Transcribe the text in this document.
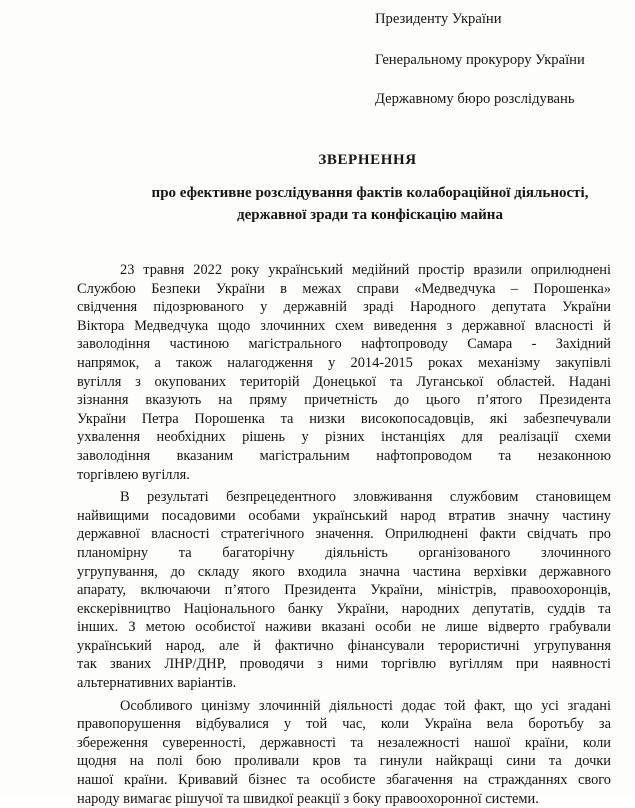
Президенту України
Генеральному прокурору України
Державному бюро розслідувань
ЗВЕРНЕННЯ
про ефективне розслідування фактів колабораційної діяльності,
державної зради та конфіскацію майна
23 травня 2022 року український медійний простір вразили оприлюднені
Службою Безпеки України в межах справи «Медведчука – Порошенка»
свідчення підозрюваного у державній зраді Народного депутата України
Віктора Медведчука щодо злочинних схем виведення з державної власності й
заволодіння частиною магістрального нафтопроводу Самара - Західний
напрямок, а також налагодження у 2014-2015 роках механізму закупівлі
вугілля з окупованих територій Донецької та Луганської областей. Надані
зізнання вказують на пряму причетність до цього п’ятого Президента
України Петра Порошенка та низки високопосадовців, які забезпечували
ухвалення необхідних рішень у різних інстанціях для реалізації схеми
заволодіння вказаним магістральним нафтопроводом та незаконною
торгівлею вугілля.
В результаті безпрецедентного зловживання службовим становищем
найвищими посадовими особами український народ втратив значну частину
державної власності стратегічного значення. Оприлюднені факти свідчать про
планомірну та багаторічну діяльність організованого злочинного
угрупування, до складу якого входила значна частина верхівки державного
апарату, включаючи п’ятого Президента України, міністрів, правоохоронців,
екскерівництво Національного банку України, народних депутатів, суддів та
інших. З метою особистої наживи вказані особи не лише відверто грабували
український народ, але й фактично фінансували терористичні угрупування
так званих ЛНР/ДНР, проводячи з ними торгівлю вугіллям при наявності
альтернативних варіантів.
Особливого цинізму злочинній діяльності додає той факт, що усі згадані
правопорушення відбувалися у той час, коли Україна вела боротьбу за
збереження суверенності, державності та незалежності нашої країни, коли
щодня на полі бою проливали кров та гинули найкращі сини та дочки
нашої країни. Кривавий бізнес та особисте збагачення на стражданнях свого
народу вимагає рішучої та швидкої реакції з боку правоохоронної системи.
